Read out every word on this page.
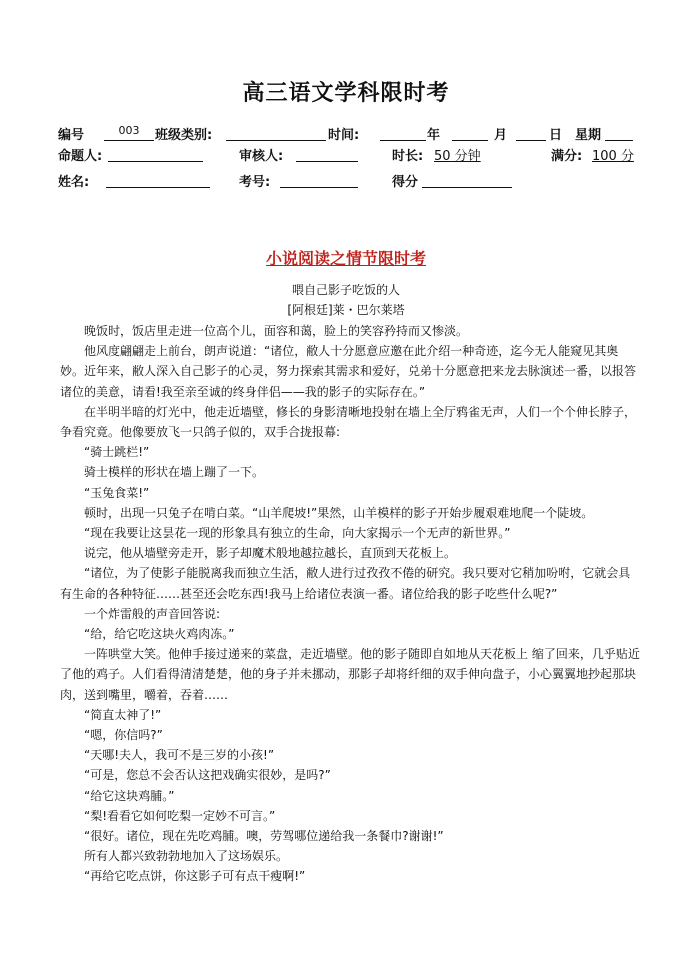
高三语文学科限时考
编号	003	班级类别:	时间:	年	月	日 星期
命题人:	审核人:	时长: 50 分钟	满分: 100 分
姓名:	考号:	得分
小说阅读之情节限时考
喂自己影子吃饭的人
[阿根廷]莱・巴尔莱塔

晚饭时，饭店里走进一位高个儿，面容和蔼，脸上的笑容矜持而又惨淡。

他风度翩翩走上前台，朗声说道：“诸位，敝人十分愿意应邀在此介绍一种奇迹，迄今无人能窥见其奥妙。近年来，敝人深入自己影子的心灵，努力探索其需求和爱好，兑弟十分愿意把来龙去脉演述一番，以报答诸位的美意，请看!我至亲至诚的终身伴侣——我的影子的实际存在。”

在半明半暗的灯光中，他走近墙壁，修长的身影清晰地投射在墙上全厅鸦雀无声，人们一个个伸长脖子，争看究竟。他像要放飞一只鸽子似的，双手合拢报幕:

“骑士跳栏!”

骑士模样的形状在墙上蹦了一下。

“玉兔食菜!”

顿时，出现一只兔子在啃白菜。“山羊爬坡!”果然，山羊模样的影子开始步履艰难地爬一个陡坡。

“现在我要让这昙花一现的形象具有独立的生命，向大家揭示一个无声的新世界。”

说完，他从墙壁旁走开，影子却魔术般地越拉越长，直顶到天花板上。

“诸位，为了使影子能脱离我而独立生活，敝人进行过孜孜不倦的研究。我只要对它稍加吩咐，它就会具有生命的各种特征……甚至还会吃东西!我马上给诸位表演一番。诸位给我的影子吃些什么呢?”

一个炸雷般的声音回答说:

“给，给它吃这块火鸡肉冻。”

一阵哄堂大笑。他伸手接过递来的菜盘，走近墙壁。他的影子随即自如地从天花板上 缩了回来，几乎贴近了他的鸡子。人们看得清清楚楚，他的身子并未挪动，那影子却将纤细的双手伸向盘子，小心翼翼地抄起那块肉，送到嘴里，嚼着，吞着……

“简直太神了!”

“嗯，你信吗?”

“天哪!夫人，我可不是三岁的小孩!”

“可是，您总不会否认这把戏确实很妙，是吗?”

“给它这块鸡脯。”

“梨!看看它如何吃梨一定妙不可言。”

“很好。诸位，现在先吃鸡脯。噢，劳驾哪位递给我一条餐巾?谢谢!”

所有人都兴致勃勃地加入了这场娱乐。

“再给它吃点饼，你这影子可有点干瘦啊!”
